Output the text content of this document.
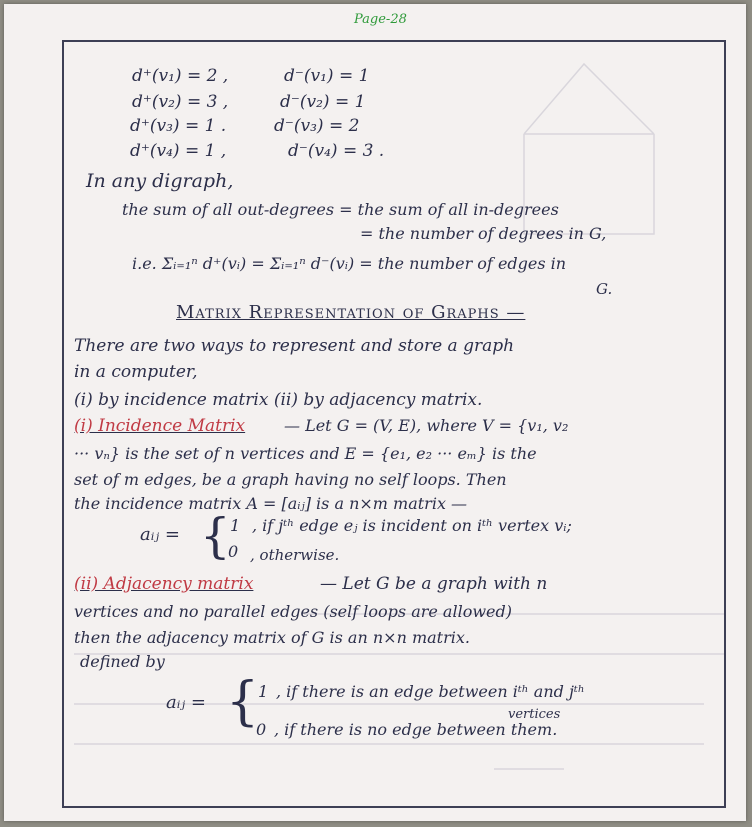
Page-28
d⁺(v₁) = 2 ,	d⁻(v₁) = 1
d⁺(v₂) = 3 ,	d⁻(v₂) = 1
d⁺(v₃) = 1 .	d⁻(v₃) = 2
d⁺(v₄) = 1 ,	d⁻(v₄) = 3 .
In any digraph,
the sum of all out-degrees = the sum of all in-degrees
= the number of degrees in G,
i.e. Σᵢ₌₁ⁿ d⁺(vᵢ) = Σᵢ₌₁ⁿ d⁻(vᵢ) = the number of edges in
G.
Matrix Representation of Graphs —
There are two ways to represent and store a graph
in a computer,
(i) by incidence matrix (ii) by adjacency matrix.
(i) Incidence Matrix — Let G = (V, E), where V = {v₁, v₂
··· vₙ} is the set of n vertices and E = {e₁, e₂ ··· eₘ} is the
set of m edges, be a graph having no self loops. Then
the incidence matrix A = [aᵢⱼ] is a n×m matrix —
aᵢⱼ = { 1 , if jᵗʰ edge eⱼ is incident on iᵗʰ vertex vᵢ;
0 , otherwise.
(ii) Adjacency matrix	— Let G be a graph with n
vertices and no parallel edges (self loops are allowed)
then the adjacency matrix of G is an n×n matrix.
defined by
aᵢⱼ = {
1 , if there is an edge between iᵗʰ and jᵗʰ
vertices
0 , if there is no edge between them.
